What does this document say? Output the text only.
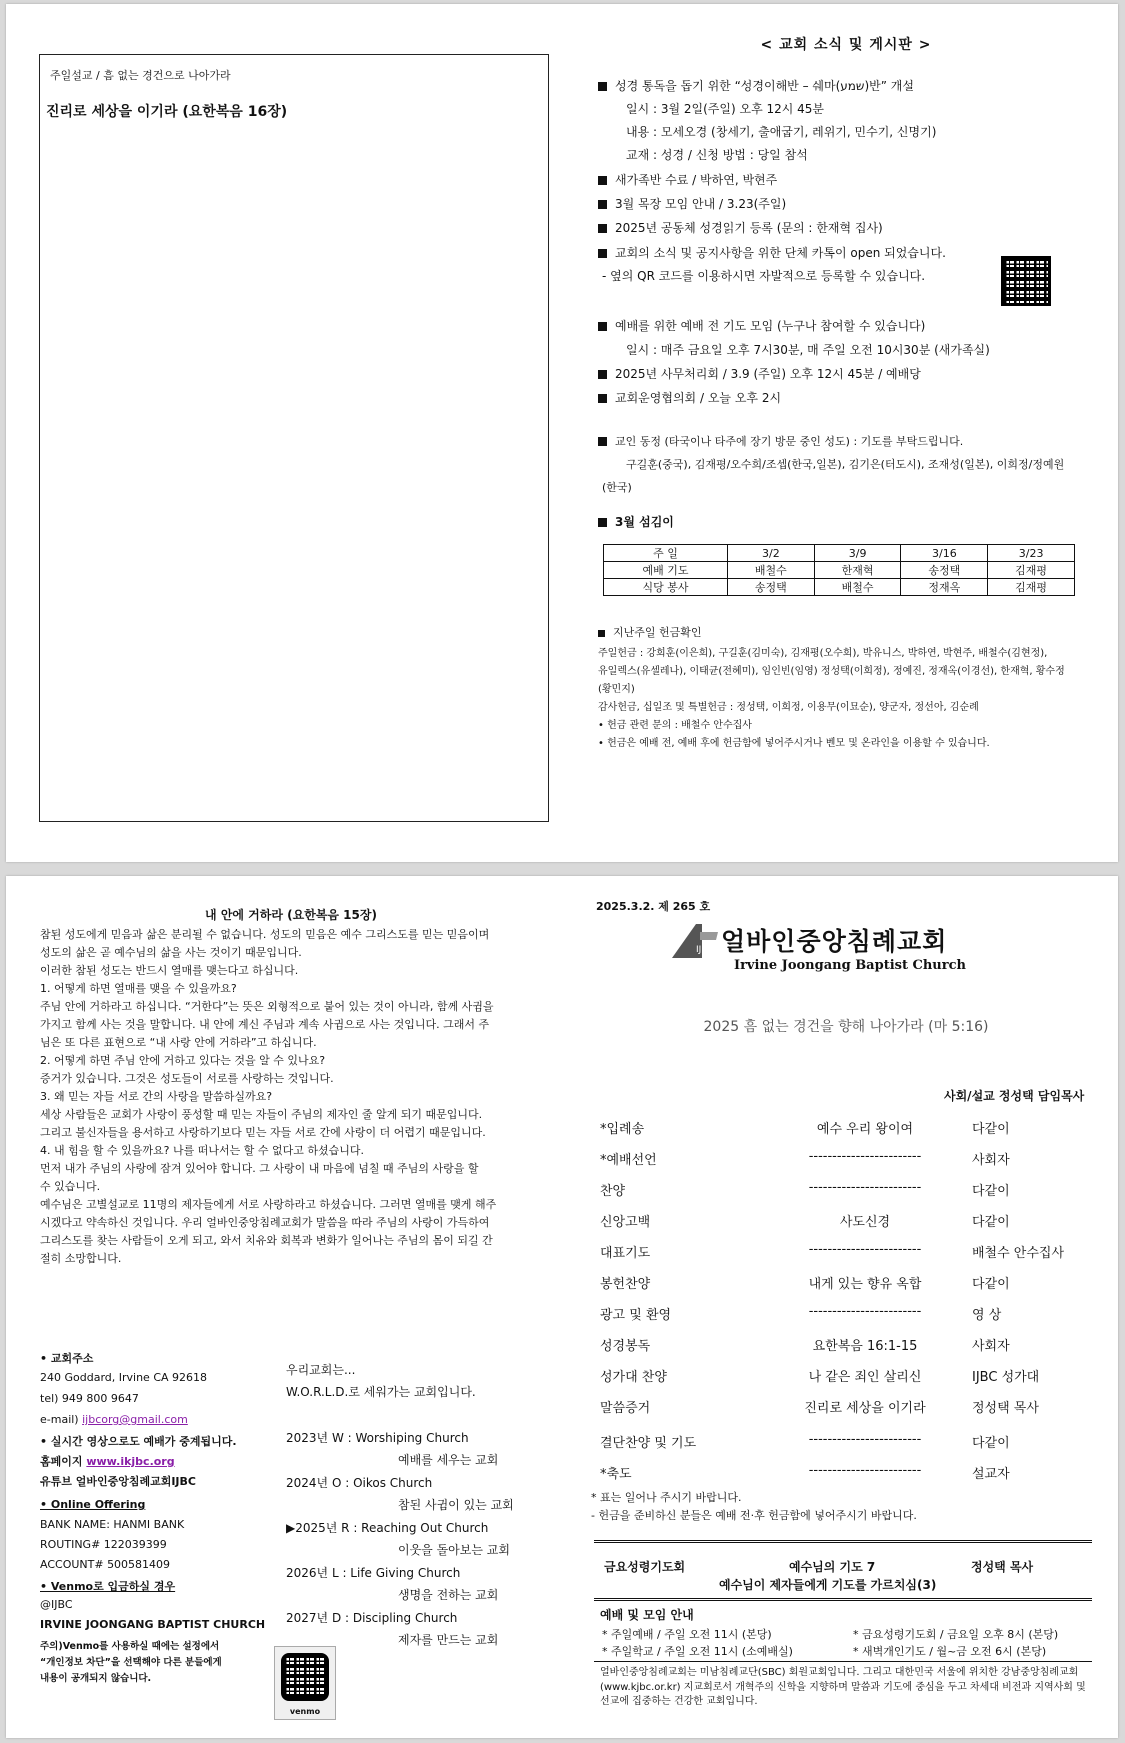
주일설교 / 흠 없는 경건으로 나아가라
진리로 세상을 이기라 (요한복음 16장)
< 교회 소식 및 게시판 >
성경 통독을 돕기 위한 “성경이해반 – 쉐마(שמע)반” 개설
일시 : 3월 2일(주일) 오후 12시 45분
내용 : 모세오경 (창세기, 출애굽기, 레위기, 민수기, 신명기)
교재 : 성경 / 신청 방법 : 당일 참석
새가족반 수료 / 박하연, 박현주
3월 목장 모임 안내 / 3.23(주일)
2025년 공동체 성경읽기 등록 (문의 : 한재혁 집사)
교회의 소식 및 공지사항을 위한 단체 카톡이 open 되었습니다.
- 옆의 QR 코드를 이용하시면 자발적으로 등록할 수 있습니다.
예배를 위한 예배 전 기도 모임 (누구나 참여할 수 있습니다)
일시 : 매주 금요일 오후 7시30분, 매 주일 오전 10시30분 (새가족실)
2025년 사무처리회 / 3.9 (주일) 오후 12시 45분 / 예배당
교회운영협의회 / 오늘 오후 2시
교인 동정 (타국이나 타주에 장기 방문 중인 성도) : 기도를 부탁드립니다.
구길훈(중국), 김재평/오수희/조셉(한국,일본), 김기은(터도시), 조재성(일본), 이희정/정예원
(한국)
3월 섬김이
주 일	3/2	3/9	3/16	3/23
예배 기도	배철수	한재혁	송정택	김재평
식당 봉사	송정택	배철수	정재옥	김재평
지난주일 헌금확인
주일헌금 : 강희훈(이은희), 구길훈(김미숙), 김재평(오수희), 박유니스, 박하연, 박현주, 배철수(김현정),
유일렉스(유셀레나), 이태균(전혜미), 임인빈(임영) 정성택(이희정), 정예진, 정재옥(이경선), 한재혁, 황수정
(황민지)
감사헌금, 십일조 및 특별헌금 : 정성택, 이희정, 이용무(이묘순), 양군자, 정선아, 김순례
• 헌금 관련 문의 : 배철수 안수집사
• 헌금은 예배 전, 예배 후에 헌금함에 넣어주시거나 벤모 및 온라인을 이용할 수 있습니다.
내 안에 거하라 (요한복음 15장)
참된 성도에게 믿음과 삶은 분리될 수 없습니다. 성도의 믿음은 예수 그리스도를 믿는 믿음이며
성도의 삶은 곧 예수님의 삶을 사는 것이기 때문입니다.
이러한 참된 성도는 반드시 열매를 맺는다고 하십니다.
1. 어떻게 하면 열매를 맺을 수 있을까요?
주님 안에 거하라고 하십니다. “거한다”는 뜻은 외형적으로 붙어 있는 것이 아니라, 함께 사귐을
가지고 함께 사는 것을 말합니다. 내 안에 계신 주님과 계속 사귐으로 사는 것입니다. 그래서 주
님은 또 다른 표현으로 “내 사랑 안에 거하라”고 하십니다.
2. 어떻게 하면 주님 안에 거하고 있다는 것을 알 수 있나요?
증거가 있습니다. 그것은 성도들이 서로를 사랑하는 것입니다.
3. 왜 믿는 자들 서로 간의 사랑을 말씀하실까요?
세상 사람들은 교회가 사랑이 풍성할 때 믿는 자들이 주님의 제자인 줄 알게 되기 때문입니다.
그리고 불신자들을 용서하고 사랑하기보다 믿는 자들 서로 간에 사랑이 더 어렵기 때문입니다.
4. 내 힘을 할 수 있을까요? 나를 떠나서는 할 수 없다고 하셨습니다.
먼저 내가 주님의 사랑에 잠겨 있어야 합니다. 그 사랑이 내 마음에 넘칠 때 주님의 사랑을 할
수 있습니다.
예수님은 고별설교로 11명의 제자들에게 서로 사랑하라고 하셨습니다. 그러면 열매를 맺게 해주
시겠다고 약속하신 것입니다. 우리 얼바인중앙침례교회가 말씀을 따라 주님의 사랑이 가득하여
그리스도를 찾는 사람들이 오게 되고, 와서 치유와 회복과 변화가 일어나는 주님의 몸이 되길 간
절히 소망합니다.
• 교회주소
240 Goddard, Irvine CA 92618
tel) 949 800 9647
e-mail) ijbcorg@gmail.com
• 실시간 영상으로도 예배가 중계됩니다.
홈페이지 www.ikjbc.org
유튜브 얼바인중앙침례교회IJBC
• Online Offering
BANK NAME: HANMI BANK
ROUTING# 122039399
ACCOUNT# 500581409
• Venmo로 입금하실 경우
@IJBC
IRVINE JOONGANG BAPTIST CHURCH
주의)Venmo를 사용하실 때에는 설정에서
“개인정보 차단”을 선택해야 다른 분들에게
내용이 공개되지 않습니다.
venmo
우리교회는...
W.O.R.L.D.로 세워가는 교회입니다.
2023년 W : Worshiping Church
예배를 세우는 교회
2024년 O : Oikos Church
참된 사귐이 있는 교회
▶2025년 R : Reaching Out Church
이웃을 돌아보는 교회
2026년 L : Life Giving Church
생명을 전하는 교회
2027년 D : Discipling Church
제자를 만드는 교회
2025.3.2. 제 265 호
IJBC 얼바인중앙침례교회
Irvine Joongang Baptist Church
2025 흠 없는 경건을 향해 나아가라 (마 5:16)
사회/설교 정성택 담임목사
*입례송	예수 우리 왕이여	다같이
*예배선언	------------------------	사회자
찬양	------------------------	다같이
신앙고백	사도신경	다같이
대표기도	------------------------	배철수 안수집사
봉헌찬양	내게 있는 향유 옥합	다같이
광고 및 환영	------------------------	영 상
성경봉독	요한복음 16:1-15	사회자
성가대 찬양	나 같은 죄인 살리신	IJBC 성가대
말씀증거	진리로 세상을 이기라	정성택 목사
결단찬양 및 기도	------------------------	다같이
*축도	------------------------	설교자
* 표는 일어나 주시기 바랍니다.
- 헌금을 준비하신 분들은 예배 전·후 헌금함에 넣어주시기 바랍니다.
금요성령기도회	예수님의 기도 7	정성택 목사
예수님이 제자들에게 기도를 가르치심(3)
예배 및 모임 안내
* 주일예배 / 주일 오전 11시 (본당)	* 금요성령기도회 / 금요일 오후 8시 (본당)
* 주일학교 / 주일 오전 11시 (소예배실)	* 새벽개인기도 / 월~금 오전 6시 (본당)
얼바인중앙침례교회는 미남침례교단(SBC) 회원교회입니다. 그리고 대한민국 서울에 위치한 강남중앙침례교회(www.kjbc.or.kr) 지교회로서 개혁주의 신학을 지향하며 말씀과 기도에 중심을 두고 차세대 비전과 지역사회 및 선교에 집중하는 건강한 교회입니다.
